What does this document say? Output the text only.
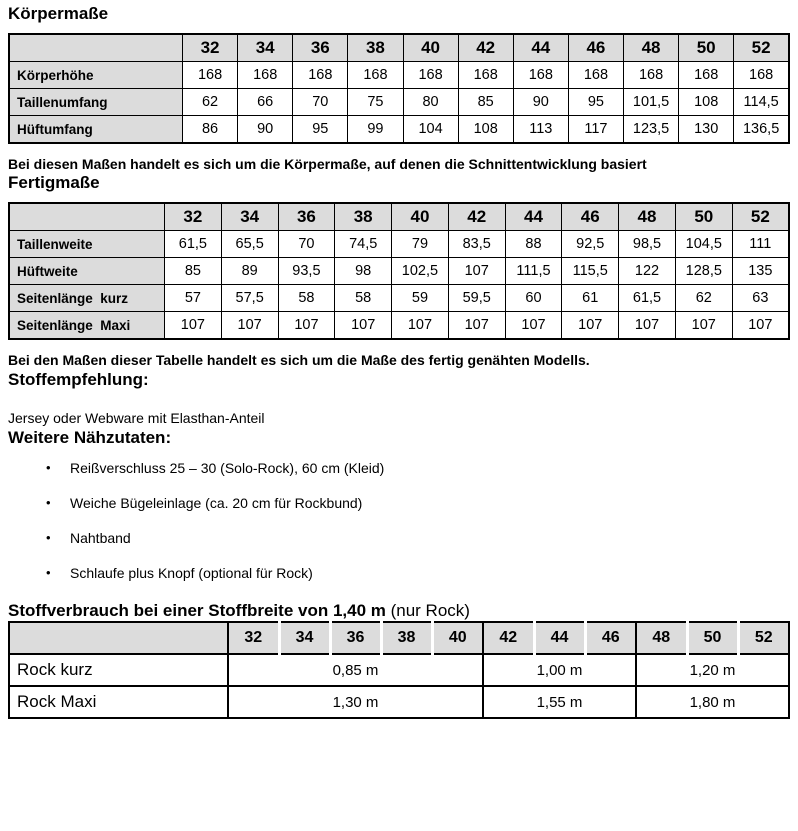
Körpermaße
	32	34	36	38	40	42	44	46	48	50	52
Körperhöhe	168	168	168	168	168	168	168	168	168	168	168
Taillenumfang	62	66	70	75	80	85	90	95	101,5	108	114,5
Hüftumfang	86	90	95	99	104	108	113	117	123,5	130	136,5

Bei diesen Maßen handelt es sich um die Körpermaße, auf denen die Schnittentwicklung basiert

Fertigmaße
	32	34	36	38	40	42	44	46	48	50	52
Taillenweite	61,5	65,5	70	74,5	79	83,5	88	92,5	98,5	104,5	111
Hüftweite	85	89	93,5	98	102,5	107	111,5	115,5	122	128,5	135
Seitenlänge  kurz	57	57,5	58	58	59	59,5	60	61	61,5	62	63
Seitenlänge  Maxi	107	107	107	107	107	107	107	107	107	107	107

Bei den Maßen dieser Tabelle handelt es sich um die Maße des fertig genähten Modells.

Stoffempfehlung:

Jersey oder Webware mit Elasthan-Anteil

Weitere Nähzutaten:
• Reißverschluss 25 – 30 (Solo-Rock), 60 cm (Kleid)
• Weiche Bügeleinlage (ca. 20 cm für Rockbund)
• Nahtband
• Schlaufe plus Knopf (optional für Rock)
Stoffverbrauch bei einer Stoffbreite von 1,40 m (nur Rock)
	32	34	36	38	40	42	44	46	48	50	52
Rock kurz	0,85 m					1,00 m			1,20 m		
Rock Maxi	1,30 m					1,55 m			1,80 m		
